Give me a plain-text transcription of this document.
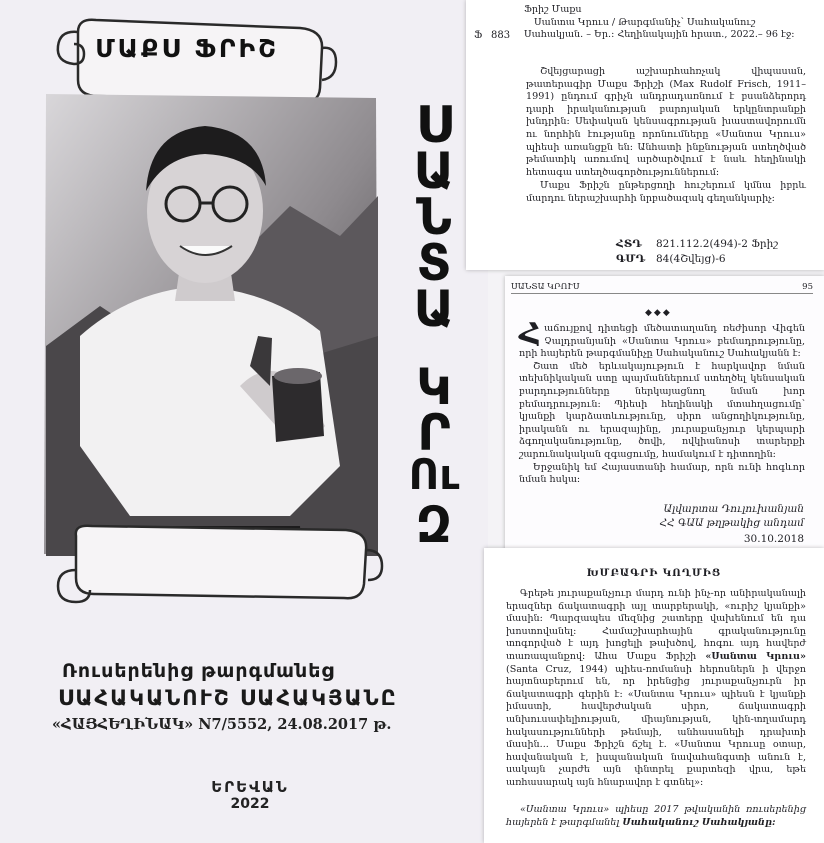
ՄԱՔՍ ՖՐԻՇ
Ս
Ա
Ն
Տ
Ա
Կ
Ր
Ու
Զ
Ռուսերենից թարգմանեց
ՍԱՀԱԿԱՆՈՒՇ ՍԱՀԱԿՅԱՆԸ
«ՀԱՅՀԵՂԻՆԱԿ» N7/5552, 24.08.2017 թ.
ԵՐԵՎԱՆ
2022
Ֆ 883
Ֆրիշ Մաքս
Սանտա Կրուս / Թարգմանիչ՝ Սահականուշ
Սահակյան. – Եր.: Հեղինակային հրատ., 2022.– 96 էջ:

Շվեյցարացի աշխարհահռչակ վիպասան, թատերագիր Մաքս Ֆրիշի (Max Rudolf Frisch, 1911–1991) ընդում գրիչն անդրադառնում է բսանձերորդ դարի իրականության բարոյական երկընտրանքի խնդրին: Սեփական կենսագրության խաստավորումն ու նորհին էությանը որոնումները «Սանտա Կրուս» պիեսի առանցքն են: Անհատի ինքնության ստեղծված թեմատիկ առումով արծարծվում է նաև հեղինակի հետագա ստեղծագործություններում:

Մաքս Ֆրիշն ընթերցողի հուշերում կմնա իբրև մարդու ներաշխարհի նրբածազակ գեղանկարիչ:

ՀՏԴ 821.112.2(494)-2 Ֆրիշ
ԳՄԴ 84(4Շվեյց)-6
ՍԱՆՏԱ ԿՐՈՒՍ	95
◆◆◆
Հ աճույքով դիտեցի մեծատաղանդ ռեժիսոր Վիգեն Չալդրանյանի «Սանտա Կրուս» բեմադրությունը, որի հայերեն թարգմանիչը Սահականուշ Սահակյանն է:

Շատ մեծ երևակայություն է հարկավոր նման տեխնիկական ստը պայմաններում ստեղծել կենսական բարդությունները ներկայացնող նման խոր բեմադրություն: Պիեսի հեղինակի մտահղացումը՝ կյանքի կարձատևությունը, սիրո անցողիկությունը, իրականն ու երազայինը, յուրաքանչյուր կերպարի ձգողականությունը, ծովի, ովկիանոսի տարերքի շարունակական զգացումը, համակում է դիտողին:

Երջանիկ եմ Հայաստանի համար, որն ունի հոգևոր նման հսկա:

Ալվարտա Դուլուխանյան
ՀՀ ԳԱԱ թղթակից անդամ
30.10.2018
ԽՄԲԱԳՐԻ ԿՈՂՄԻՑ

Գրեթե յուրաքանչյուր մարդ ունի ինչ-որ անիրականալի երազներ ճակատագրի այլ տարբերակի, «ուրիշ կյանքի» մասին: Պարզապես մեզնից շատերը վախենում են դա խոստովանել: Համաշխարհային գրականությունը տոգորված է այդ խոցելի թախծով, հոգու այդ հավերժ տառապանքով: Ահա Մաքս Ֆրիշի «Սանտա Կրուս» (Santa Cruz, 1944) պիես-ռոմանսի հերոսներն ի վերջո հայտնաբերում են, որ իրենցից յուրաքանչյուրն իր ճակատագրի գերին է: «Սանտա Կրուս» պիեսն է կյանքի իմաստի, հավերժական սիրո, ճակատագրի անխուսափելիության, միայնության, կին-տղամարդ հակասությունների թեմայի, անհասանելի դրախտի մասին... Մաքս Ֆրիշն ճշել է. «Սանտա Կրուսը օտար, հավանական է, իսպանական նավահանգստի անուն է, սակայն չարժե այն փնտրել քարտեզի վրա, եթե առհասարակ այն հնարավոր է գտնել»:

«Սանտա Կրուս» պիեսը 2017 թվականին ռուսերենից հայերեն է թարգմանել Սահականուշ Սահակյանը:
